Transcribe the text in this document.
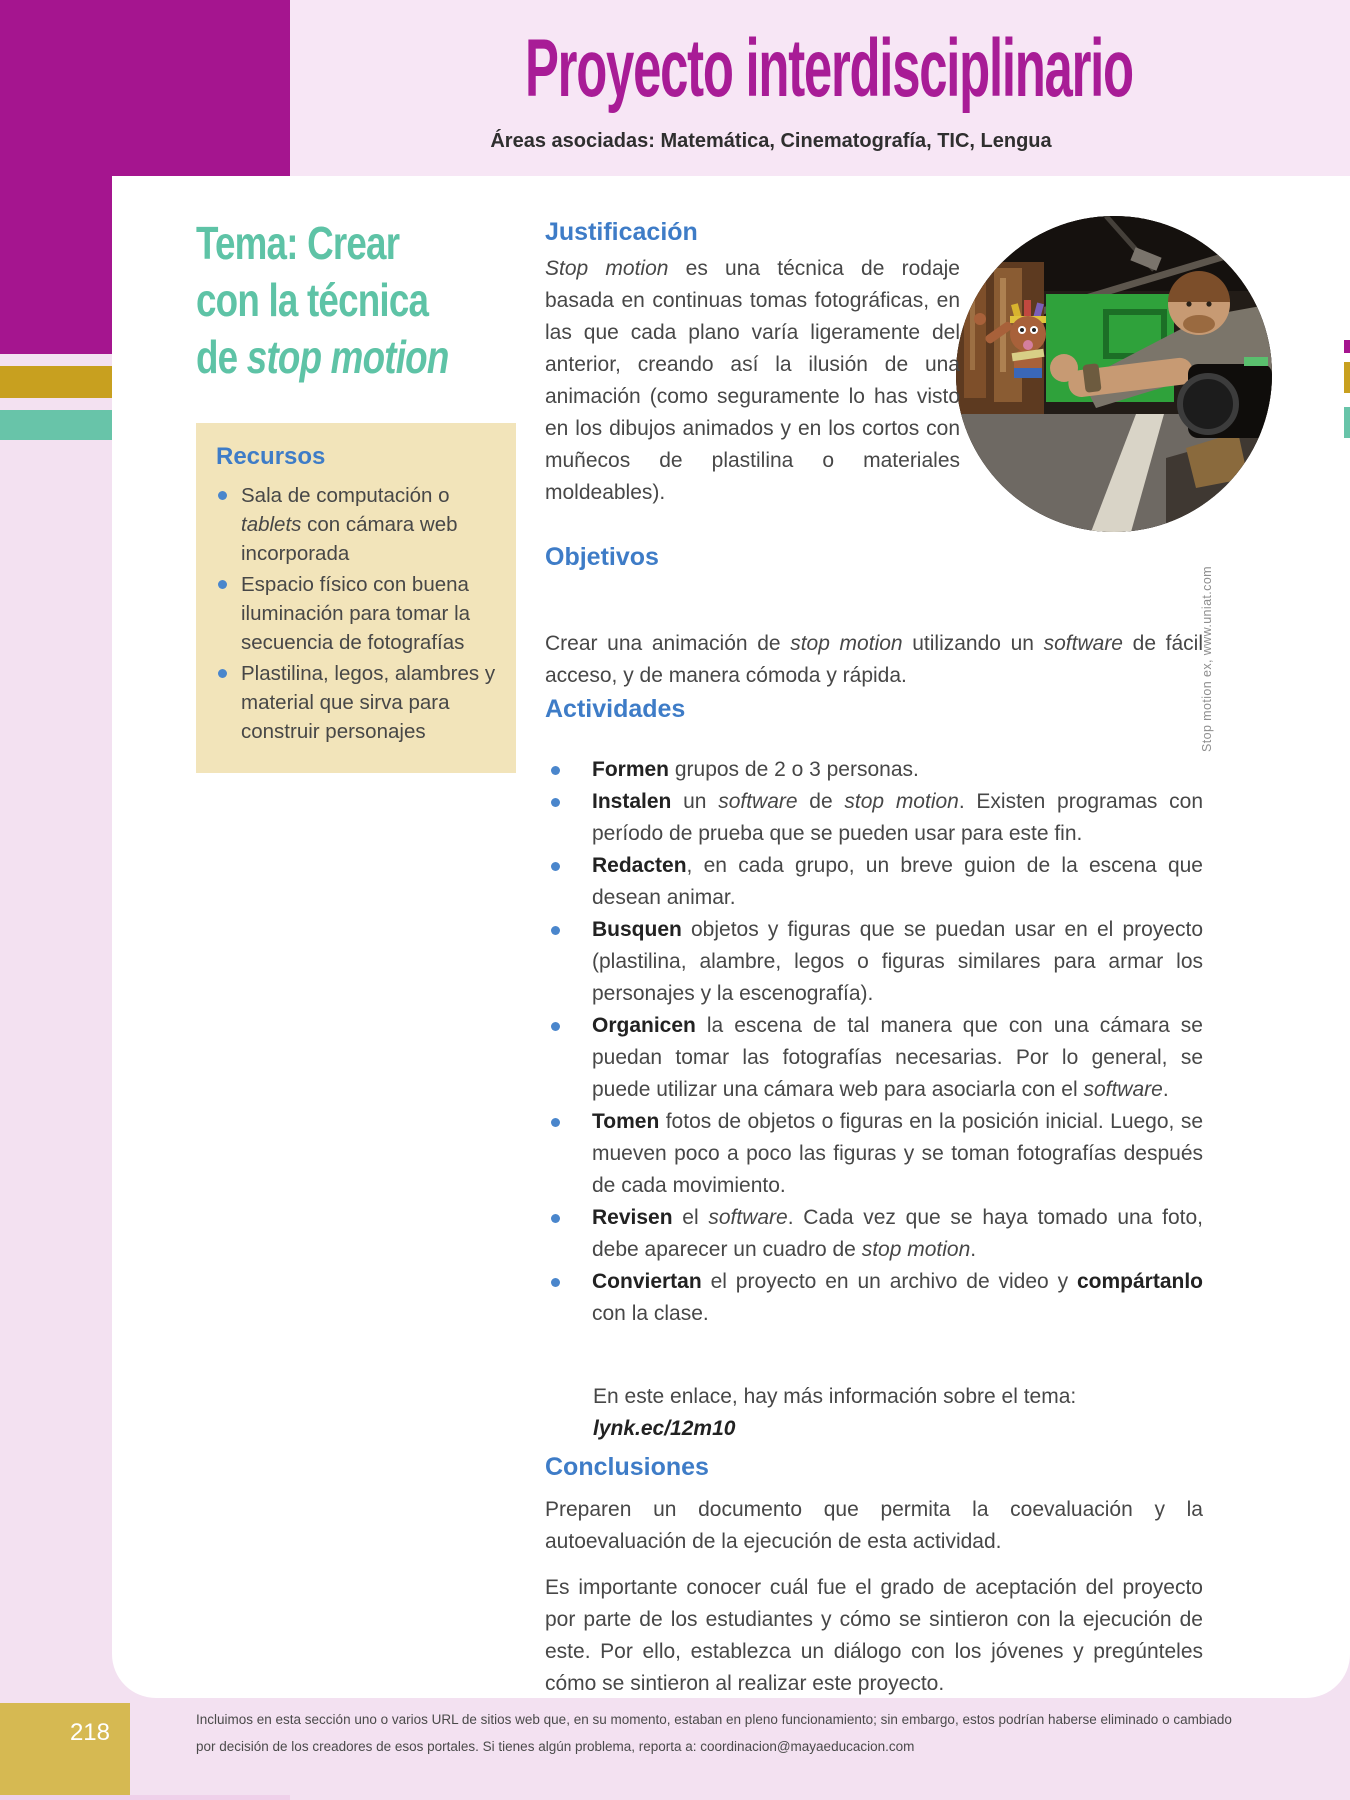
Proyecto interdisciplinario
Áreas asociadas: Matemática, Cinematografía, TIC, Lengua
Tema: Crear
con la técnica
de stop motion
Recursos
Sala de computación o tablets con cámara web incorporada
Espacio físico con buena iluminación para tomar la secuencia de fotografías
Plastilina, legos, alambres y material que sirva para construir personajes	Stop motion ex, www.uniat.com
Justificación

Stop motion es una técnica de rodaje basada en continuas tomas fotográficas, en las que cada plano varía ligeramente del anterior, creando así la ilusión de una animación (como seguramente lo has visto en los dibujos animados y en los cortos con muñecos de plastilina o materiales moldeables).

Objetivos

Crear una animación de stop motion utilizando un software de fácil acceso, y de manera cómoda y rápida.

Actividades
Formen grupos de 2 o 3 personas.
Instalen un software de stop motion. Existen programas con período de prueba que se pueden usar para este fin.
Redacten, en cada grupo, un breve guion de la escena que desean animar.
Busquen objetos y figuras que se puedan usar en el proyecto (plastilina, alambre, legos o figuras similares para armar los personajes y la escenografía).
Organicen la escena de tal manera que con una cámara se puedan tomar las fotografías necesarias. Por lo general, se puede utilizar una cámara web para asociarla con el software.
Tomen fotos de objetos o figuras en la posición inicial. Luego, se mueven poco a poco las figuras y se toman fotografías después de cada movimiento.
Revisen el software. Cada vez que se haya tomado una foto, debe aparecer un cuadro de stop motion.
Conviertan el proyecto en un archivo de video y compártanlo con la clase.
En este enlace, hay más información sobre el tema: lynk.ec/12m10
Conclusiones

Preparen un documento que permita la coevaluación y la autoevaluación de la ejecución de esta actividad.

Es importante conocer cuál fue el grado de aceptación del proyecto por parte de los estudiantes y cómo se sintieron con la ejecución de este. Por ello, establezca un diálogo con los jóvenes y pregúnteles cómo se sintieron al realizar este proyecto.

Incluimos en esta sección uno o varios URL de sitios web que, en su momento, estaban en pleno funcionamiento; sin embargo, estos podrían haberse eliminado o cambiado
por decisión de los creadores de esos portales. Si tienes algún problema, reporta a: coordinacion@mayaeducacion.com
218
